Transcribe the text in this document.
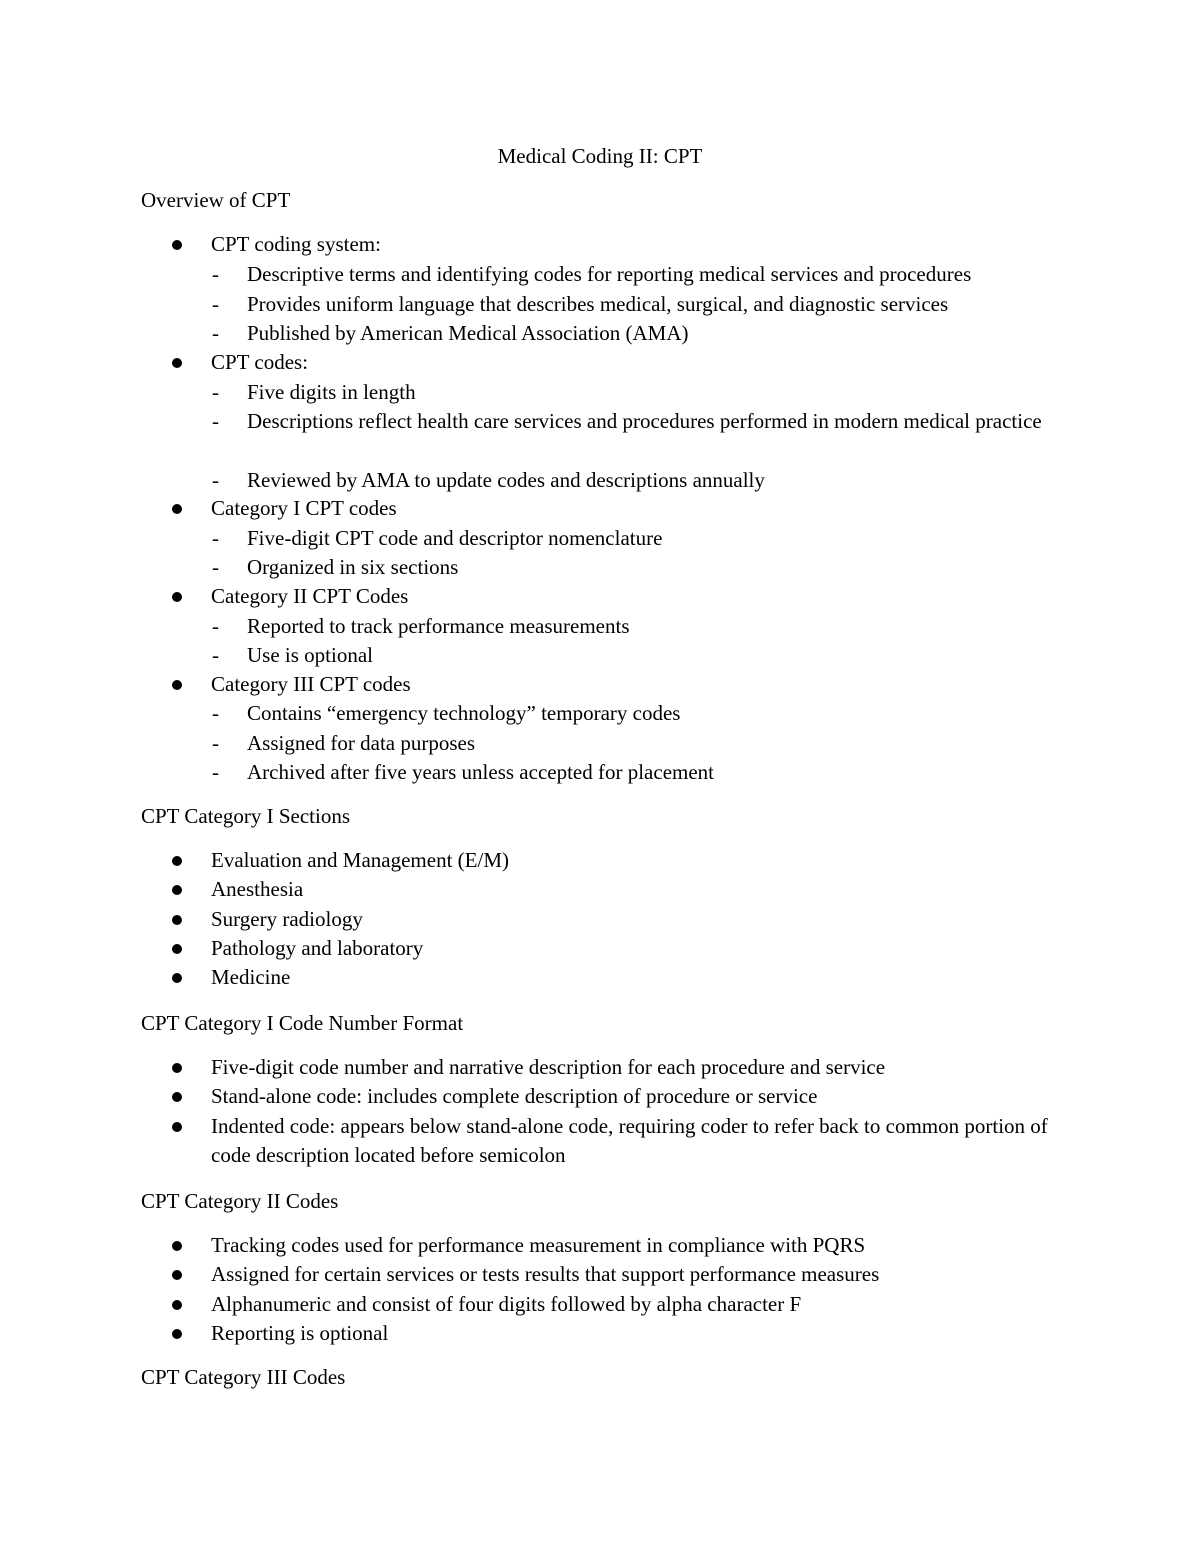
Medical Coding II: CPT
Overview of CPT
CPT coding system:
- Descriptive terms and identifying codes for reporting medical services and procedures
- Provides uniform language that describes medical, surgical, and diagnostic services
- Published by American Medical Association (AMA)
CPT codes:
- Five digits in length
- Descriptions reflect health care services and procedures performed in modern medical practice
- Reviewed by AMA to update codes and descriptions annually
Category I CPT codes
- Five-digit CPT code and descriptor nomenclature
- Organized in six sections
Category II CPT Codes
- Reported to track performance measurements
- Use is optional
Category III CPT codes
- Contains “emergency technology” temporary codes
- Assigned for data purposes
- Archived after five years unless accepted for placement
CPT Category I Sections
Evaluation and Management (E/M)
Anesthesia
Surgery radiology
Pathology and laboratory
Medicine
CPT Category I Code Number Format
Five-digit code number and narrative description for each procedure and service
Stand-alone code: includes complete description of procedure or service
Indented code: appears below stand-alone code, requiring coder to refer back to common portion of code description located before semicolon
CPT Category II Codes
Tracking codes used for performance measurement in compliance with PQRS
Assigned for certain services or tests results that support performance measures
Alphanumeric and consist of four digits followed by alpha character F
Reporting is optional
CPT Category III Codes
